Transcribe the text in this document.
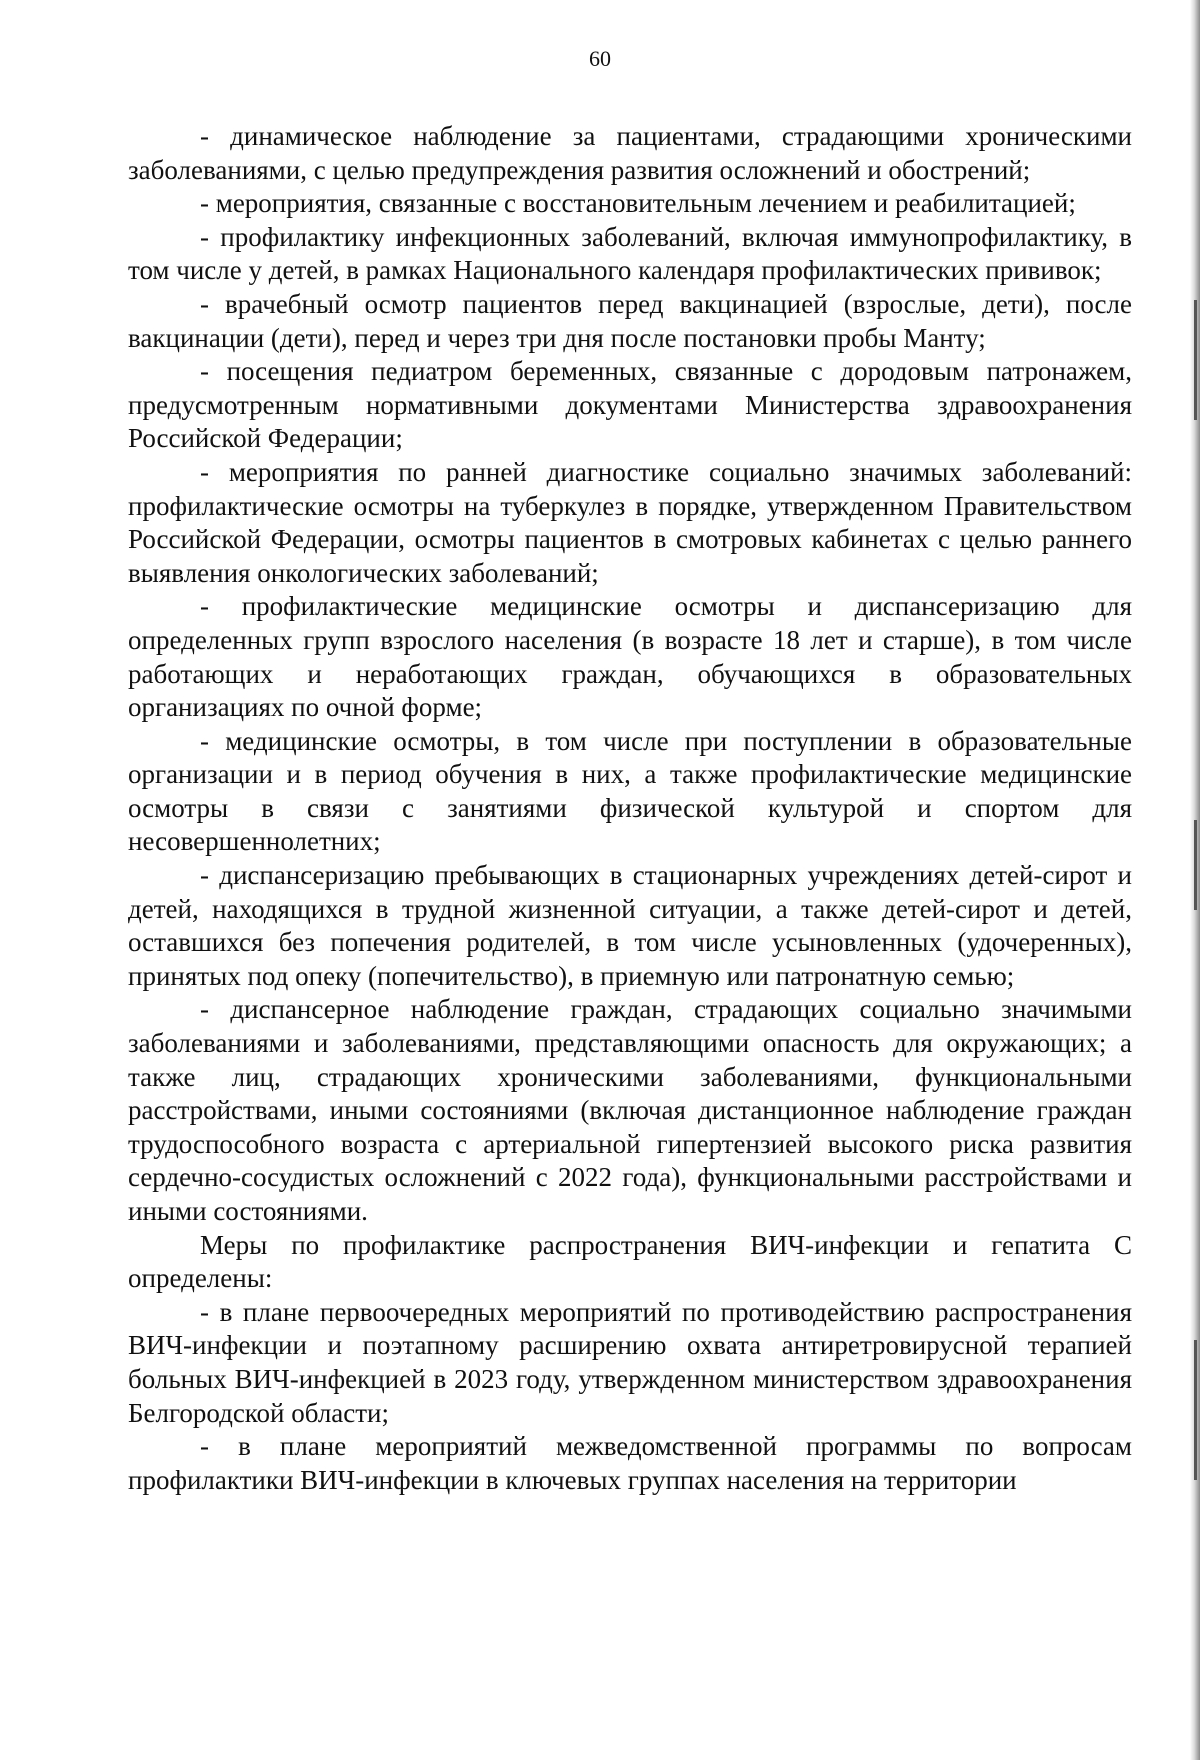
60

- динамическое наблюдение за пациентами, страдающими хроническими заболеваниями, с целью предупреждения развития осложнений и обострений;

- мероприятия, связанные с восстановительным лечением и реабилитацией;

- профилактику инфекционных заболеваний, включая иммунопрофилактику, в том числе у детей, в рамках Национального календаря профилактических прививок;

- врачебный осмотр пациентов перед вакцинацией (взрослые, дети), после вакцинации (дети), перед и через три дня после постановки пробы Манту;

- посещения педиатром беременных, связанные с дородовым патронажем, предусмотренным нормативными документами Министерства здравоохранения Российской Федерации;

- мероприятия по ранней диагностике социально значимых заболеваний: профилактические осмотры на туберкулез в порядке, утвержденном Правительством Российской Федерации, осмотры пациентов в смотровых кабинетах с целью раннего выявления онкологических заболеваний;

- профилактические медицинские осмотры и диспансеризацию для определенных групп взрослого населения (в возрасте 18 лет и старше), в том числе работающих и неработающих граждан, обучающихся в образовательных организациях по очной форме;

- медицинские осмотры, в том числе при поступлении в образовательные организации и в период обучения в них, а также профилактические медицинские осмотры в связи с занятиями физической культурой и спортом для несовершеннолетних;

- диспансеризацию пребывающих в стационарных учреждениях детей-сирот и детей, находящихся в трудной жизненной ситуации, а также детей-сирот и детей, оставшихся без попечения родителей, в том числе усыновленных (удочеренных), принятых под опеку (попечительство), в приемную или патронатную семью;

- диспансерное наблюдение граждан, страдающих социально значимыми заболеваниями и заболеваниями, представляющими опасность для окружающих; а также лиц, страдающих хроническими заболеваниями, функциональными расстройствами, иными состояниями (включая дистанционное наблюдение граждан трудоспособного возраста с артериальной гипертензией высокого риска развития сердечно-сосудистых осложнений с 2022 года), функциональными расстройствами и иными состояниями.

Меры по профилактике распространения ВИЧ-инфекции и гепатита С определены:

- в плане первоочередных мероприятий по противодействию распространения ВИЧ-инфекции и поэтапному расширению охвата антиретровирусной терапией больных ВИЧ-инфекцией в 2023 году, утвержденном министерством здравоохранения Белгородской области;

- в плане мероприятий межведомственной программы по вопросам профилактики ВИЧ-инфекции в ключевых группах населения на территории
